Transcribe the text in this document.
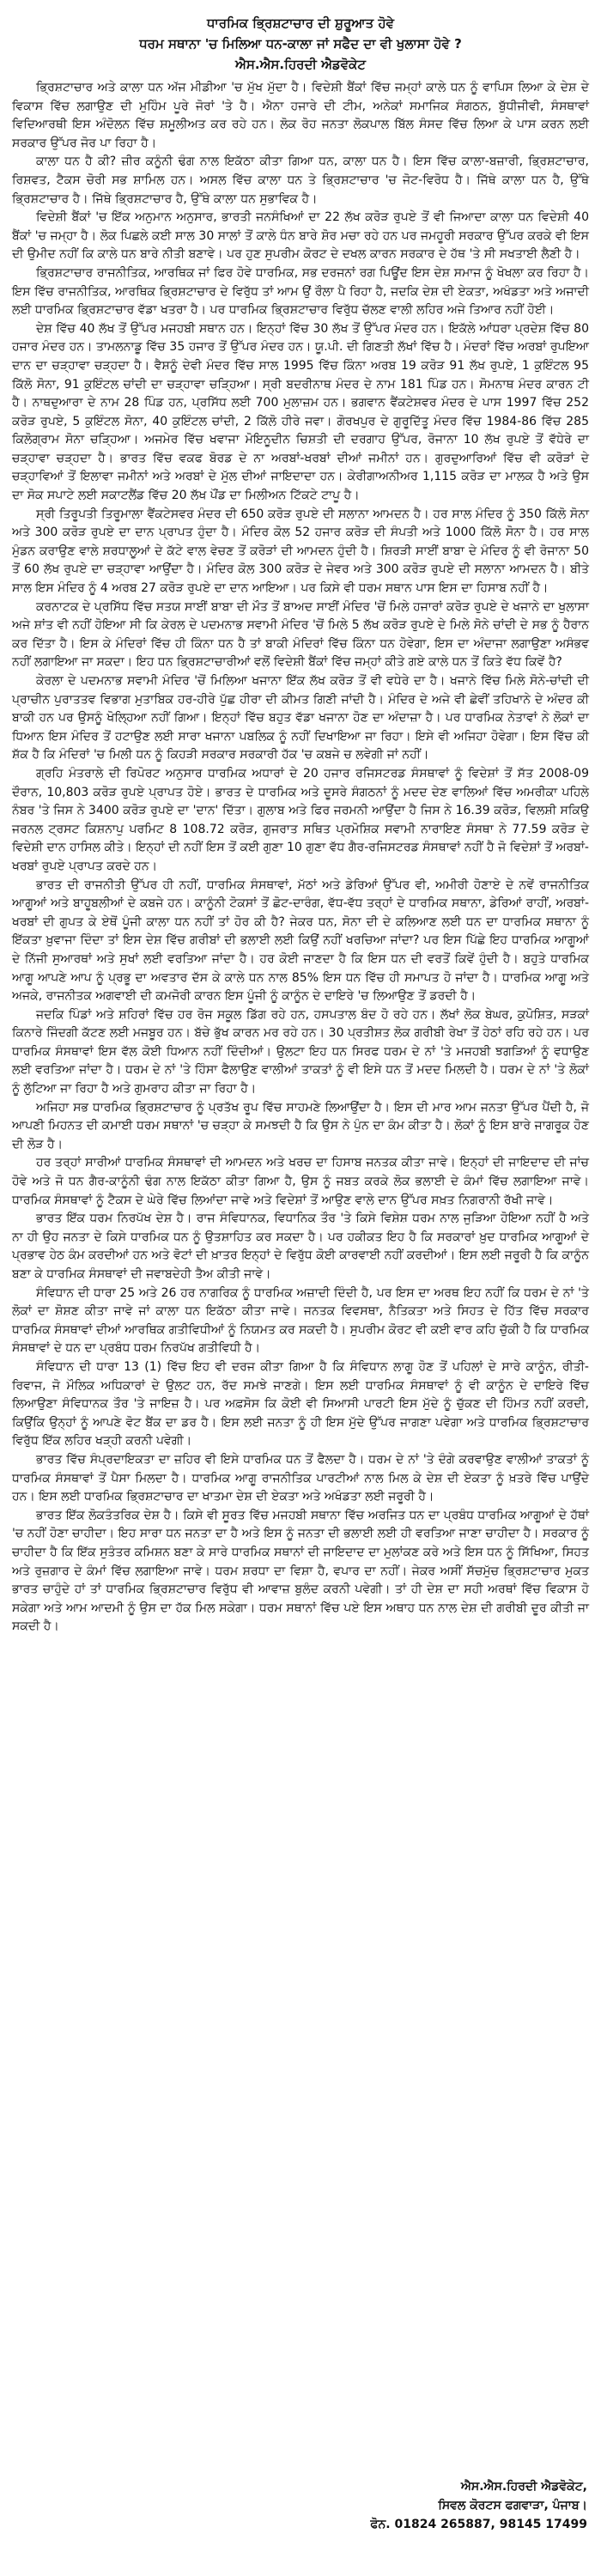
ਧਾਰਮਿਕ ਭ੍ਰਿਸ਼ਟਾਚਾਰ ਦੀ ਸ਼ੁਰੂਆਤ ਹੋਵੇ
ਧਰਮ ਸਥਾਨਾ 'ਚ ਮਿਲਿਆ ਧਨ-ਕਾਲਾ ਜਾਂ ਸਫੈਦ ਦਾ ਵੀ ਖੁਲਾਸਾ ਹੋਵੇ ?
ਐਸ.ਐਸ.ਹਿਰਦੀ ਐਡਵੋਕੇਟ

ਭ੍ਰਿਸ਼ਟਾਚਾਰ ਅਤੇ ਕਾਲਾ ਧਨ ਅੱਜ ਮੀਡੀਆ 'ਚ ਮੁੱਖ ਮੁੱਦਾ ਹੈ। ਵਿਦੇਸ਼ੀ ਬੈਂਕਾਂ ਵਿੱਚ ਜਮ੍ਹਾਂ ਕਾਲੇ ਧਨ ਨੂੰ ਵਾਪਿਸ ਲਿਆ ਕੇ ਦੇਸ਼ ਦੇ ਵਿਕਾਸ ਵਿੱਚ ਲਗਾਉਣ ਦੀ ਮੁਹਿੰਮ ਪੂਰੇ ਜੋਰਾਂ 'ਤੇ ਹੈ। ਐਨਾ ਹਜਾਰੇ ਦੀ ਟੀਮ, ਅਨੇਕਾਂ ਸਮਾਜਿਕ ਸੰਗਠਨ, ਬੁੱਧੀਜੀਵੀ, ਸੰਸਥਾਵਾਂ ਵਿਦਿਆਰਥੀ ਇਸ ਅੰਦੋਲਨ ਵਿੱਚ ਸ਼ਮੂਲੀਅਤ ਕਰ ਰਹੇ ਹਨ। ਲੋਕ ਰੋਹ ਜਨਤਾ ਲੋਕਪਾਲ ਬਿੱਲ ਸੰਸਦ ਵਿੱਚ ਲਿਆ ਕੇ ਪਾਸ ਕਰਨ ਲਈ ਸਰਕਾਰ ਉੱਪਰ ਜੋਰ ਪਾ ਰਿਹਾ ਹੈ।

ਕਾਲਾ ਧਨ ਹੈ ਕੀ? ਜ਼ੀਰ ਕਨੂੰਨੀ ਢੰਗ ਨਾਲ ਇਕੱਠਾ ਕੀਤਾ ਗਿਆ ਧਨ, ਕਾਲਾ ਧਨ ਹੈ। ਇਸ ਵਿੱਚ ਕਾਲਾ-ਬਜ਼ਾਰੀ, ਭ੍ਰਿਸ਼ਟਾਚਾਰ, ਰਿਸ਼ਵਤ, ਟੈਕਸ ਚੋਰੀ ਸਭ ਸ਼ਾਮਿਲ ਹਨ। ਅਸਲ ਵਿੱਚ ਕਾਲਾ ਧਨ ਤੇ ਭ੍ਰਿਸ਼ਟਾਚਾਰ 'ਚ ਜੋਟ-ਵਿਰੋਧ ਹੈ। ਜਿੱਥੇ ਕਾਲਾ ਧਨ ਹੈ, ਉੱਥੇ ਭ੍ਰਿਸ਼ਟਾਚਾਰ ਹੈ। ਜਿੱਥੇ ਭ੍ਰਿਸ਼ਟਾਚਾਰ ਹੈ, ਉੱਥੇ ਕਾਲਾ ਧਨ ਸੁਭਾਵਿਕ ਹੈ।

ਵਿਦੇਸ਼ੀ ਬੈਂਕਾਂ 'ਚ ਇੱਕ ਅਨੁਮਾਨ ਅਨੁਸਾਰ, ਭਾਰਤੀ ਜਨਸੰਖਿਆਂ ਦਾ 22 ਲੱਖ ਕਰੋੜ ਰੁਪਏ ਤੋਂ ਵੀ ਜਿਆਦਾ ਕਾਲਾ ਧਨ ਵਿਦੇਸ਼ੀ 40 ਬੈਂਕਾਂ 'ਚ ਜਮ੍ਹਾ ਹੈ। ਲੋਕ ਪਿਛਲੇ ਕਈ ਸਾਲ 30 ਸਾਲਾਂ ਤੋਂ ਕਾਲੇ ਧੰਨ ਬਾਰੇ ਸ਼ੋਰ ਮਚਾ ਰਹੇ ਹਨ ਪਰ ਜਮਹੂਰੀ ਸਰਕਾਰ ਉੱਪਰ ਕਰਕੇ ਵੀ ਇਸ ਦੀ ਉਮੀਦ ਨਹੀਂ ਕਿ ਕਾਲੇ ਧਨ ਬਾਰੇ ਨੀਤੀ ਬਣਾਵੇ। ਪਰ ਹੁਣ ਸੁਪਰੀਮ ਕੋਰਟ ਦੇ ਦਖਲ ਕਾਰਨ ਸਰਕਾਰ ਦੇ ਹੱਥ 'ਤੇ ਸੀ ਸਖਤਾਈ ਲੈਣੀ ਹੈ।

ਭ੍ਰਿਸ਼ਟਾਚਾਰ ਰਾਜਨੀਤਿਕ, ਆਰਥਿਕ ਜਾਂ ਫਿਰ ਹੋਵੇ ਧਾਰਮਿਕ, ਸਭ ਦਰਜਨਾਂ ਰਗ ਪਿਊਂਦ ਇਸ ਦੇਸ਼ ਸਮਾਜ ਨੂੰ ਖੋਖਲਾ ਕਰ ਰਿਹਾ ਹੈ। ਇਸ ਵਿੱਚ ਰਾਜਨੀਤਿਕ, ਆਰਥਿਕ ਭ੍ਰਿਸ਼ਟਾਚਾਰ ਦੇ ਵਿਰੁੱਧ ਤਾਂ ਆਮ ਉਂ ਰੌਲਾ ਪੈ ਰਿਹਾ ਹੈ, ਜਦਕਿ ਦੇਸ਼ ਦੀ ਏਕਤਾ, ਅਖੰਡਤਾ ਅਤੇ ਅਜਾਦੀ ਲਈ ਧਾਰਮਿਕ ਭ੍ਰਿਸ਼ਟਾਚਾਰ ਵੱਡਾ ਖਤਰਾ ਹੈ। ਪਰ ਧਾਰਮਿਕ ਭ੍ਰਿਸ਼ਟਾਚਾਰ ਵਿਰੁੱਧ ਚੱਲਣ ਵਾਲੀ ਲਹਿਰ ਅਜੇ ਤਿਆਰ ਨਹੀਂ ਹੋਈ।

ਦੇਸ਼ ਵਿੱਚ 40 ਲੱਖ ਤੋਂ ਉੱਪਰ ਮਜਹਬੀ ਸਥਾਨ ਹਨ। ਇਨ੍ਹਾਂ ਵਿੱਚ 30 ਲੱਖ ਤੋਂ ਉੱਪਰ ਮੰਦਰ ਹਨ। ਇਕੱਲੇ ਆਂਧਰਾ ਪ੍ਰਦੇਸ਼ ਵਿੱਚ 80 ਹਜਾਰ ਮੰਦਰ ਹਨ। ਤਾਮਲਨਾਡੂ ਵਿੱਚ 35 ਹਜਾਰ ਤੋਂ ਉੱਪਰ ਮੰਦਰ ਹਨ। ਯੂ.ਪੀ. ਦੀ ਗਿਣਤੀ ਲੱਖਾਂ ਵਿੱਚ ਹੈ। ਮੰਦਰਾਂ ਵਿੱਚ ਅਰਬਾਂ ਰੁਪਇਆ ਦਾਨ ਦਾ ਚੜ੍ਹਾਵਾ ਚੜ੍ਹਦਾ ਹੈ। ਵੈਸ਼ਨੂੰ ਦੇਵੀ ਮੰਦਰ ਵਿੱਚ ਸਾਲ 1995 ਵਿੱਚ ਕਿੰਨਾ ਅਰਬ 19 ਕਰੋੜ 91 ਲੱਖ ਰੁਪਏ, 1 ਕੁਇੰਟਲ 95 ਕਿੱਲੋ ਸੋਨਾ, 91 ਕੁਇੰਟਲ ਚਾਂਦੀ ਦਾ ਚੜ੍ਹਾਵਾ ਚੜ੍ਹਿਆ। ਸ੍ਰੀ ਬਦਰੀਨਾਥ ਮੰਦਰ ਦੇ ਨਾਮ 181 ਪਿੰਡ ਹਨ। ਸੋਮਨਾਥ ਮੰਦਰ ਕਾਰਨ ਟੀ ਹੈ। ਨਾਥਦੁਆਰਾ ਦੇ ਨਾਮ 28 ਪਿੰਡ ਹਨ, ਪ੍ਰਸਿੱਧ ਲਈ 700 ਮੁਲਾਜ਼ਮ ਹਨ। ਭਗਵਾਨ ਵੈਂਕਟੇਸ਼ਵਰ ਮੰਦਰ ਦੇ ਪਾਸ 1997 ਵਿੱਚ 252 ਕਰੋੜ ਰੁਪਏ, 5 ਕੁਇੰਟਲ ਸੋਨਾ, 40 ਕੁਇੰਟਲ ਚਾਂਦੀ, 2 ਕਿੱਲੋ ਹੀਰੇ ਜਵਾ। ਗੋਰਖਪੁਰ ਦੇ ਗੁਰੂਦਿੱਤੂ ਮੰਦਰ ਵਿੱਚ 1984-86 ਵਿੱਚ 285 ਕਿਲੋਗ੍ਰਾਮ ਸੋਨਾ ਚੜ੍ਹਿਆ। ਅਜਮੇਰ ਵਿੱਚ ਖਵਾਜਾ ਮੋਇਨੂਦੀਨ ਚਿਸ਼ਤੀ ਦੀ ਦਰਗਾਹ ਉੱਪਰ, ਰੋਜਾਨਾ 10 ਲੱਖ ਰੁਪਏ ਤੋਂ ਵੱਧੇਰੇ ਦਾ ਚੜ੍ਹਾਵਾ ਚੜ੍ਹਦਾ ਹੈ। ਭਾਰਤ ਵਿੱਚ ਵਕਫ ਬੋਰਡ ਦੇ ਨਾ ਅਰਬਾਂ-ਖਰਬਾਂ ਦੀਆਂ ਜਮੀਨਾਂ ਹਨ। ਗੁਰਦੁਆਰਿਆਂ ਵਿੱਚ ਵੀ ਕਰੋੜਾਂ ਦੇ ਚੜ੍ਹਾਵਿਆਂ ਤੋਂ ਇਲਾਵਾ ਜਮੀਨਾਂ ਅਤੇ ਅਰਬਾਂ ਦੇ ਮੁੱਲ ਦੀਆਂ ਜਾਇਦਾਦਾ ਹਨ। ਕੇਰੀਗਾਅਨੀਅਰ 1,115 ਕਰੋੜ ਦਾ ਮਾਲਕ ਹੈ ਅਤੇ ਉਸ ਦਾ ਸੋਕ ਸਪਾਟੇ ਲਈ ਸਕਾਟਲੈਂਡ ਵਿੱਚ 20 ਲੱਖ ਪੌਂਡ ਦਾ ਮਿਲੀਅਨ ਟਿੱਕਟੇ ਟਾਪੂ ਹੈ।

ਸ੍ਰੀ ਤਿਰੂਪਤੀ ਤਿਰੂਮਾਲਾ ਵੈਂਕਟੇਸਵਰ ਮੰਦਰ ਦੀ 650 ਕਰੋੜ ਰੁਪਏ ਦੀ ਸਲਾਨਾ ਆਮਦਨ ਹੈ। ਹਰ ਸਾਲ ਮੰਦਿਰ ਨੂੰ 350 ਕਿੱਲੋ ਸੋਨਾ ਅਤੇ 300 ਕਰੋੜ ਰੁਪਏ ਦਾ ਦਾਨ ਪ੍ਰਾਪਤ ਹੁੰਦਾ ਹੈ। ਮੰਦਿਰ ਕੋਲ 52 ਹਜਾਰ ਕਰੋੜ ਦੀ ਸੰਪਤੀ ਅਤੇ 1000 ਕਿੱਲੋ ਸੋਨਾ ਹੈ। ਹਰ ਸਾਲ ਮੁੰਡਨ ਕਰਾਉਣ ਵਾਲੇ ਸ਼ਰਧਾਲੂਆਂ ਦੇ ਕੱਟੇ ਵਾਲ ਵੇਚਣ ਤੋਂ ਕਰੋੜਾਂ ਦੀ ਆਮਦਨ ਹੁੰਦੀ ਹੈ। ਸ਼ਿਰੜੀ ਸਾਈਂ ਬਾਬਾ ਦੇ ਮੰਦਿਰ ਨੂੰ ਵੀ ਰੋਜਾਨਾ 50 ਤੋਂ 60 ਲੱਖ ਰੁਪਏ ਦਾ ਚੜ੍ਹਾਵਾ ਆਉਂਦਾ ਹੈ। ਮੰਦਿਰ ਕੋਲ 300 ਕਰੋੜ ਦੇ ਜੇਵਰ ਅਤੇ 300 ਕਰੋੜ ਰੁਪਏ ਦੀ ਸਲਾਨਾ ਆਮਦਨ ਹੈ। ਬੀਤੇ ਸਾਲ ਇਸ ਮੰਦਿਰ ਨੂੰ 4 ਅਰਬ 27 ਕਰੋੜ ਰੁਪਏ ਦਾ ਦਾਨ ਆਇਆ। ਪਰ ਕਿਸੇ ਵੀ ਧਰਮ ਸਥਾਨ ਪਾਸ ਇਸ ਦਾ ਹਿਸਾਬ ਨਹੀਂ ਹੈ।

ਕਰਨਾਟਕ ਦੇ ਪ੍ਰਸਿੱਧ ਵਿੱਚ ਸਤਯ ਸਾਈਂ ਬਾਬਾ ਦੀ ਮੌਤ ਤੋਂ ਬਾਅਦ ਸਾਈਂ ਮੰਦਿਰ 'ਚੋਂ ਮਿਲੇ ਹਜਾਰਾਂ ਕਰੋੜ ਰੁਪਏ ਦੇ ਖਜਾਨੇ ਦਾ ਖੁਲਾਸਾ ਅਜੇ ਸ਼ਾਂਤ ਵੀ ਨਹੀਂ ਹੋਇਆ ਸੀ ਕਿ ਕੇਰਲ ਦੇ ਪਦਮਨਾਭ ਸਵਾਮੀ ਮੰਦਿਰ 'ਚੋਂ ਮਿਲੇ 5 ਲੱਖ ਕਰੋੜ ਰੁਪਏ ਦੇ ਮਿਲੇ ਸੋਨੇ ਚਾਂਦੀ ਦੇ ਸਭ ਨੂੰ ਹੈਰਾਨ ਕਰ ਦਿੱਤਾ ਹੈ। ਇਸ ਕੇ ਮੰਦਿਰਾਂ ਵਿੱਚ ਹੀ ਕਿੰਨਾ ਧਨ ਹੈ ਤਾਂ ਬਾਕੀ ਮੰਦਿਰਾਂ ਵਿੱਚ ਕਿੰਨਾ ਧਨ ਹੋਵੇਗਾ, ਇਸ ਦਾ ਅੰਦਾਜਾ ਲਗਾਉਣਾ ਅਸੰਭਵ ਨਹੀਂ ਲਗਾਇਆ ਜਾ ਸਕਦਾ। ਇਹ ਧਨ ਭ੍ਰਿਸ਼ਟਾਚਾਰੀਆਂ ਵਲੋਂ ਵਿਦੇਸ਼ੀ ਬੈਂਕਾਂ ਵਿੱਚ ਜਮ੍ਹਾਂ ਕੀਤੇ ਗਏ ਕਾਲੇ ਧਨ ਤੋਂ ਕਿਤੇ ਵੱਧ ਕਿਵੇਂ ਹੈ?

ਕੇਰਲਾ ਦੇ ਪਦਮਨਾਭ ਸਵਾਮੀ ਮੰਦਿਰ 'ਚੋਂ ਮਿਲਿਆ ਖਜਾਨਾ ਇੱਕ ਲੱਖ ਕਰੋੜ ਤੋਂ ਵੀ ਵਧੇਰੇ ਦਾ ਹੈ। ਖਜਾਨੇ ਵਿੱਚ ਮਿਲੇ ਸੋਨੇ-ਚਾਂਦੀ ਦੀ ਪ੍ਰਾਚੀਨ ਪੁਰਾਤਤਵ ਵਿਭਾਗ ਮੁਤਾਬਿਕ ਹਰ-ਹੀਰੇ ਪੁੱਛ ਹੀਰਾ ਦੀ ਕੀਮਤ ਗਿਣੀ ਜਾਂਦੀ ਹੈ। ਮੰਦਿਰ ਦੇ ਅਜੇ ਵੀ ਛੇਵੀਂ ਤਹਿਖਾਨੇ ਦੇ ਅੰਦਰ ਕੀ ਬਾਕੀ ਹਨ ਪਰ ਉਸਨੂੰ ਖੋਲ੍ਹਿਆ ਨਹੀਂ ਗਿਆ। ਇਨ੍ਹਾਂ ਵਿੱਚ ਬਹੁਤ ਵੱਡਾ ਖਜਾਨਾ ਹੋਣ ਦਾ ਅੰਦਾਜ਼ਾ ਹੈ। ਪਰ ਧਾਰਮਿਕ ਨੇਤਾਵਾਂ ਨੇ ਲੋਕਾਂ ਦਾ ਧਿਆਨ ਇਸ ਮੰਦਿਰ ਤੋਂ ਹਟਾਉਣ ਲਈ ਸਾਰਾ ਖਜਾਨਾ ਪਬਲਿਕ ਨੂੰ ਨਹੀਂ ਦਿਖਾਇਆ ਜਾ ਰਿਹਾ। ਇਸੇ ਵੀ ਅਜਿਹਾ ਹੋਵੇਗਾ। ਇਸ ਵਿੱਚ ਕੀ ਸ਼ੱਕ ਹੈ ਕਿ ਮੰਦਿਰਾਂ 'ਚ ਮਿਲੀ ਧਨ ਨੂੰ ਕਿਹੜੀ ਸਰਕਾਰ ਸਰਕਾਰੀ ਹੱਕ 'ਚ ਕਬਜੇ ਚ ਲਵੇਗੀ ਜਾਂ ਨਹੀਂ।

ਗ੍ਰਹਿ ਮੰਤਰਾਲੇ ਦੀ ਰਿਪੋਰਟ ਅਨੁਸਾਰ ਧਾਰਮਿਕ ਅਧਾਰਾਂ ਦੇ 20 ਹਜਾਰ ਰਜਿਸਟਰਡ ਸੰਸਥਾਵਾਂ ਨੂੰ ਵਿਦੇਸ਼ਾਂ ਤੋਂ ਸੱਤ 2008-09 ਦੌਰਾਨ, 10,803 ਕਰੋੜ ਰੁਪਏ ਪ੍ਰਾਪਤ ਹੋਏ। ਭਾਰਤ ਦੇ ਧਾਰਮਿਕ ਅਤੇ ਦੂਸਰੇ ਸੰਗਠਨਾਂ ਨੂੰ ਮਦਦ ਦੇਣ ਵਾਲਿਆਂ ਵਿੱਚ ਅਮਰੀਕਾ ਪਹਿਲੇ ਨੰਬਰ 'ਤੇ ਜਿਸ ਨੇ 3400 ਕਰੋੜ ਰੁਪਏ ਦਾ 'ਦਾਨ' ਦਿੱਤਾ। ਗੁਲਾਬ ਅਤੇ ਫਿਰ ਜਰਮਨੀ ਆਉਂਦਾ ਹੈ ਜਿਸ ਨੇ 16.39 ਕਰੋੜ, ਵਿਲਸ਼ੀ ਸਕਿਉ ਜਰਨਲ ਟ੍ਰਸਟ ਕਿਸ਼ਨਾਪੁ ਪਰਮਿਟ 8 108.72 ਕਰੋੜ, ਗੁਜਰਾਤ ਸਥਿਤ ਪ੍ਰਮੋਸ਼ਿਕ ਸਵਾਮੀ ਨਾਰਾਇਣ ਸੰਸਥਾ ਨੇ 77.59 ਕਰੋੜ ਦੇ ਵਿਦੇਸ਼ੀ ਦਾਨ ਹਾਸਿਲ ਕੀਤੇ। ਇਨ੍ਹਾਂ ਦੀ ਨਹੀਂ ਇਸ ਤੋਂ ਕਈ ਗੁਣਾ 10 ਗੁਣਾ ਵੱਧ ਗੈਰ-ਰਜਿਸਟਰਡ ਸੰਸਥਾਵਾਂ ਨਹੀਂ ਹੈ ਜੋ ਵਿਦੇਸ਼ਾਂ ਤੋਂ ਅਰਬਾਂ-ਖਰਬਾਂ ਰੁਪਏ ਪ੍ਰਾਪਤ ਕਰਦੇ ਹਨ।

ਭਾਰਤ ਦੀ ਰਾਜਨੀਤੀ ਉੱਪਰ ਹੀ ਨਹੀਂ, ਧਾਰਮਿਕ ਸੰਸਥਾਵਾਂ, ਮੱਠਾਂ ਅਤੇ ਡੇਰਿਆਂ ਉੱਪਰ ਵੀ, ਅਮੀਰੀ ਹੋਣਾਏ ਦੇ ਨਵੇਂ ਰਾਜਨੀਤਿਕ ਆਗੂਆਂ ਅਤੇ ਬਾਹੂਬਲੀਆਂ ਦੇ ਕਬਜੇ ਹਨ। ਕਾਨੂੰਨੀ ਟੋਕਸਾਂ ਤੋਂ ਛੋਟ-ਦਾਰੰਗ, ਵੱਧ-ਵੱਧ ਤਰ੍ਹਾਂ ਦੇ ਧਾਰਮਿਕ ਸਥਾਨਾ, ਡੇਰਿਆਂ ਰਾਹੀਂ, ਅਰਬਾਂ-ਖਰਬਾਂ ਦੀ ਗੁਪਤ ਕੇ ਏਥੋਂ ਪੂੰਜੀ ਕਾਲਾ ਧਨ ਨਹੀਂ ਤਾਂ ਹੋਰ ਕੀ ਹੈ? ਜੇਕਰ ਧਨ, ਸੋਨਾ ਦੀ ਦੇ ਕਲਿਆਣ ਲਈ ਧਨ ਦਾ ਧਾਰਮਿਕ ਸਥਾਨਾ ਨੂੰ ਇੱਕਤਾ ਖ਼ੁਵਾਜਾ ਦਿੰਦਾ ਤਾਂ ਇਸ ਦੇਸ਼ ਵਿੱਚ ਗਰੀਬਾਂ ਦੀ ਭਲਾਈ ਲਈ ਕਿਉਂ ਨਹੀਂ ਖਰਚਿਆ ਜਾਂਦਾ? ਪਰ ਇਸ ਪਿੱਛੇ ਇਹ ਧਾਰਮਿਕ ਆਗੂਆਂ ਦੇ ਨਿੱਜੀ ਸੁਆਰਥਾਂ ਅਤੇ ਸੁਖਾਂ ਲਈ ਵਰਤਿਆ ਜਾਂਦਾ ਹੈ। ਹਰ ਕੋਈ ਜਾਣਦਾ ਹੈ ਕਿ ਇਸ ਧਨ ਦੀ ਵਰਤੋਂ ਕਿਵੇਂ ਹੁੰਦੀ ਹੈ। ਬਹੁਤੇ ਧਾਰਮਿਕ ਆਗੂ ਆਪਣੇ ਆਪ ਨੂੰ ਪ੍ਰਭੂ ਦਾ ਅਵਤਾਰ ਦੱਸ ਕੇ ਕਾਲੇ ਧਨ ਨਾਲ 85% ਇਸ ਧਨ ਵਿੱਚ ਹੀ ਸਮਾਪਤ ਹੋ ਜਾਂਦਾ ਹੈ। ਧਾਰਮਿਕ ਆਗੂ ਅਤੇ ਅਜਕੇ, ਰਾਜਨੀਤਕ ਅਗਵਾਈ ਦੀ ਕਮਜੋਰੀ ਕਾਰਨ ਇਸ ਪੂੰਜੀ ਨੂੰ ਕਾਨੂੰਨ ਦੇ ਦਾਇਰੇ 'ਚ ਲਿਆਉਣ ਤੋਂ ਡਰਦੀ ਹੈ।

ਜਦਕਿ ਪਿੰਡਾਂ ਅਤੇ ਸ਼ਹਿਰਾਂ ਵਿੱਚ ਹਰ ਰੋਜ ਸਕੂਲ ਡਿੱਗ ਰਹੇ ਹਨ, ਹਸਪਤਾਲ ਬੰਦ ਹੋ ਰਹੇ ਹਨ। ਲੱਖਾਂ ਲੋਕ ਬੇਘਰ, ਕੁਪੋਸ਼ਿਤ, ਸੜਕਾਂ ਕਿਨਾਰੇ ਜਿੰਦਗੀ ਕੱਟਣ ਲਈ ਮਜਬੂਰ ਹਨ। ਬੱਚੇ ਭੁੱਖ ਕਾਰਨ ਮਰ ਰਹੇ ਹਨ। 30 ਪ੍ਰਤੀਸ਼ਤ ਲੋਕ ਗਰੀਬੀ ਰੇਖਾ ਤੋਂ ਹੇਠਾਂ ਰਹਿ ਰਹੇ ਹਨ। ਪਰ ਧਾਰਮਿਕ ਸੰਸਥਾਵਾਂ ਇਸ ਵੱਲ ਕੋਈ ਧਿਆਨ ਨਹੀਂ ਦਿੰਦੀਆਂ। ਉਲਟਾ ਇਹ ਧਨ ਸਿਰਫ ਧਰਮ ਦੇ ਨਾਂ 'ਤੇ ਮਜਹਬੀ ਝਗੜਿਆਂ ਨੂੰ ਵਧਾਉਣ ਲਈ ਵਰਤਿਆ ਜਾਂਦਾ ਹੈ। ਧਰਮ ਦੇ ਨਾਂ 'ਤੇ ਹਿੰਸਾ ਫੈਲਾਉਣ ਵਾਲੀਆਂ ਤਾਕਤਾਂ ਨੂੰ ਵੀ ਇਸੇ ਧਨ ਤੋਂ ਮਦਦ ਮਿਲਦੀ ਹੈ। ਧਰਮ ਦੇ ਨਾਂ 'ਤੇ ਲੋਕਾਂ ਨੂੰ ਲੁੱਟਿਆ ਜਾ ਰਿਹਾ ਹੈ ਅਤੇ ਗੁਮਰਾਹ ਕੀਤਾ ਜਾ ਰਿਹਾ ਹੈ।

ਅਜਿਹਾ ਸਭ ਧਾਰਮਿਕ ਭ੍ਰਿਸ਼ਟਾਚਾਰ ਨੂੰ ਪ੍ਰਤੱਖ ਰੂਪ ਵਿੱਚ ਸਾਹਮਣੇ ਲਿਆਉਂਦਾ ਹੈ। ਇਸ ਦੀ ਮਾਰ ਆਮ ਜਨਤਾ ਉੱਪਰ ਪੈਂਦੀ ਹੈ, ਜੋ ਆਪਣੀ ਮਿਹਨਤ ਦੀ ਕਮਾਈ ਧਰਮ ਸਥਾਨਾਂ 'ਚ ਚੜ੍ਹਾ ਕੇ ਸਮਝਦੀ ਹੈ ਕਿ ਉਸ ਨੇ ਪੁੰਨ ਦਾ ਕੰਮ ਕੀਤਾ ਹੈ। ਲੋਕਾਂ ਨੂੰ ਇਸ ਬਾਰੇ ਜਾਗਰੂਕ ਹੋਣ ਦੀ ਲੋੜ ਹੈ।

ਹਰ ਤਰ੍ਹਾਂ ਸਾਰੀਆਂ ਧਾਰਮਿਕ ਸੰਸਥਾਵਾਂ ਦੀ ਆਮਦਨ ਅਤੇ ਖਰਚ ਦਾ ਹਿਸਾਬ ਜਨਤਕ ਕੀਤਾ ਜਾਵੇ। ਇਨ੍ਹਾਂ ਦੀ ਜਾਇਦਾਦ ਦੀ ਜਾਂਚ ਹੋਵੇ ਅਤੇ ਜੋ ਧਨ ਗੈਰ-ਕਾਨੂੰਨੀ ਢੰਗ ਨਾਲ ਇਕੱਠਾ ਕੀਤਾ ਗਿਆ ਹੈ, ਉਸ ਨੂੰ ਜਬਤ ਕਰਕੇ ਲੋਕ ਭਲਾਈ ਦੇ ਕੰਮਾਂ ਵਿੱਚ ਲਗਾਇਆ ਜਾਵੇ। ਧਾਰਮਿਕ ਸੰਸਥਾਵਾਂ ਨੂੰ ਟੈਕਸ ਦੇ ਘੇਰੇ ਵਿੱਚ ਲਿਆਂਦਾ ਜਾਵੇ ਅਤੇ ਵਿਦੇਸ਼ਾਂ ਤੋਂ ਆਉਣ ਵਾਲੇ ਦਾਨ ਉੱਪਰ ਸਖ਼ਤ ਨਿਗਰਾਨੀ ਰੱਖੀ ਜਾਵੇ।

ਭਾਰਤ ਇੱਕ ਧਰਮ ਨਿਰਪੱਖ ਦੇਸ਼ ਹੈ। ਰਾਜ ਸੰਵਿਧਾਨਕ, ਵਿਧਾਨਿਕ ਤੌਰ 'ਤੇ ਕਿਸੇ ਵਿਸ਼ੇਸ਼ ਧਰਮ ਨਾਲ ਜੁੜਿਆ ਹੋਇਆ ਨਹੀਂ ਹੈ ਅਤੇ ਨਾ ਹੀ ਉਹ ਜਨਤਾ ਦੇ ਕਿਸੇ ਧਾਰਮਿਕ ਧਨ ਨੂੰ ਉਤਸ਼ਾਹਿਤ ਕਰ ਸਕਦਾ ਹੈ। ਪਰ ਹਕੀਕਤ ਇਹ ਹੈ ਕਿ ਸਰਕਾਰਾਂ ਖ਼ੁਦ ਧਾਰਮਿਕ ਆਗੂਆਂ ਦੇ ਪ੍ਰਭਾਵ ਹੇਠ ਕੰਮ ਕਰਦੀਆਂ ਹਨ ਅਤੇ ਵੋਟਾਂ ਦੀ ਖ਼ਾਤਰ ਇਨ੍ਹਾਂ ਦੇ ਵਿਰੁੱਧ ਕੋਈ ਕਾਰਵਾਈ ਨਹੀਂ ਕਰਦੀਆਂ। ਇਸ ਲਈ ਜਰੂਰੀ ਹੈ ਕਿ ਕਾਨੂੰਨ ਬਣਾ ਕੇ ਧਾਰਮਿਕ ਸੰਸਥਾਵਾਂ ਦੀ ਜਵਾਬਦੇਹੀ ਤੈਅ ਕੀਤੀ ਜਾਵੇ।

ਸੰਵਿਧਾਨ ਦੀ ਧਾਰਾ 25 ਅਤੇ 26 ਹਰ ਨਾਗਰਿਕ ਨੂੰ ਧਾਰਮਿਕ ਅਜ਼ਾਦੀ ਦਿੰਦੀ ਹੈ, ਪਰ ਇਸ ਦਾ ਅਰਥ ਇਹ ਨਹੀਂ ਕਿ ਧਰਮ ਦੇ ਨਾਂ 'ਤੇ ਲੋਕਾਂ ਦਾ ਸ਼ੋਸ਼ਣ ਕੀਤਾ ਜਾਵੇ ਜਾਂ ਕਾਲਾ ਧਨ ਇਕੱਠਾ ਕੀਤਾ ਜਾਵੇ। ਜਨਤਕ ਵਿਵਸਥਾ, ਨੈਤਿਕਤਾ ਅਤੇ ਸਿਹਤ ਦੇ ਹਿੱਤ ਵਿੱਚ ਸਰਕਾਰ ਧਾਰਮਿਕ ਸੰਸਥਾਵਾਂ ਦੀਆਂ ਆਰਥਿਕ ਗਤੀਵਿਧੀਆਂ ਨੂੰ ਨਿਯਮਤ ਕਰ ਸਕਦੀ ਹੈ। ਸੁਪਰੀਮ ਕੋਰਟ ਵੀ ਕਈ ਵਾਰ ਕਹਿ ਚੁੱਕੀ ਹੈ ਕਿ ਧਾਰਮਿਕ ਸੰਸਥਾਵਾਂ ਦੇ ਧਨ ਦਾ ਪ੍ਰਬੰਧ ਧਰਮ ਨਿਰਪੱਖ ਗਤੀਵਿਧੀ ਹੈ।

ਸੰਵਿਧਾਨ ਦੀ ਧਾਰਾ 13 (1) ਵਿੱਚ ਇਹ ਵੀ ਦਰਜ ਕੀਤਾ ਗਿਆ ਹੈ ਕਿ ਸੰਵਿਧਾਨ ਲਾਗੂ ਹੋਣ ਤੋਂ ਪਹਿਲਾਂ ਦੇ ਸਾਰੇ ਕਾਨੂੰਨ, ਰੀਤੀ-ਰਿਵਾਜ, ਜੋ ਮੌਲਿਕ ਅਧਿਕਾਰਾਂ ਦੇ ਉਲਟ ਹਨ, ਰੱਦ ਸਮਝੇ ਜਾਣਗੇ। ਇਸ ਲਈ ਧਾਰਮਿਕ ਸੰਸਥਾਵਾਂ ਨੂੰ ਵੀ ਕਾਨੂੰਨ ਦੇ ਦਾਇਰੇ ਵਿੱਚ ਲਿਆਉਣਾ ਸੰਵਿਧਾਨਕ ਤੌਰ 'ਤੇ ਜਾਇਜ਼ ਹੈ। ਪਰ ਅਫ਼ਸੋਸ ਕਿ ਕੋਈ ਵੀ ਸਿਆਸੀ ਪਾਰਟੀ ਇਸ ਮੁੱਦੇ ਨੂੰ ਚੁੱਕਣ ਦੀ ਹਿੰਮਤ ਨਹੀਂ ਕਰਦੀ, ਕਿਉਂਕਿ ਉਨ੍ਹਾਂ ਨੂੰ ਆਪਣੇ ਵੋਟ ਬੈਂਕ ਦਾ ਡਰ ਹੈ। ਇਸ ਲਈ ਜਨਤਾ ਨੂੰ ਹੀ ਇਸ ਮੁੱਦੇ ਉੱਪਰ ਜਾਗਣਾ ਪਵੇਗਾ ਅਤੇ ਧਾਰਮਿਕ ਭ੍ਰਿਸ਼ਟਾਚਾਰ ਵਿਰੁੱਧ ਇੱਕ ਲਹਿਰ ਖੜ੍ਹੀ ਕਰਨੀ ਪਵੇਗੀ।

ਭਾਰਤ ਵਿੱਚ ਸੰਪ੍ਰਦਾਇਕਤਾ ਦਾ ਜ਼ਹਿਰ ਵੀ ਇਸੇ ਧਾਰਮਿਕ ਧਨ ਤੋਂ ਫੈਲਦਾ ਹੈ। ਧਰਮ ਦੇ ਨਾਂ 'ਤੇ ਦੰਗੇ ਕਰਵਾਉਣ ਵਾਲੀਆਂ ਤਾਕਤਾਂ ਨੂੰ ਧਾਰਮਿਕ ਸੰਸਥਾਵਾਂ ਤੋਂ ਪੈਸਾ ਮਿਲਦਾ ਹੈ। ਧਾਰਮਿਕ ਆਗੂ ਰਾਜਨੀਤਿਕ ਪਾਰਟੀਆਂ ਨਾਲ ਮਿਲ ਕੇ ਦੇਸ਼ ਦੀ ਏਕਤਾ ਨੂੰ ਖ਼ਤਰੇ ਵਿੱਚ ਪਾਉਂਦੇ ਹਨ। ਇਸ ਲਈ ਧਾਰਮਿਕ ਭ੍ਰਿਸ਼ਟਾਚਾਰ ਦਾ ਖਾਤਮਾ ਦੇਸ਼ ਦੀ ਏਕਤਾ ਅਤੇ ਅਖੰਡਤਾ ਲਈ ਜਰੂਰੀ ਹੈ।

ਭਾਰਤ ਇੱਕ ਲੋਕਤੰਤਰਿਕ ਦੇਸ਼ ਹੈ। ਕਿਸੇ ਵੀ ਸੂਰਤ ਵਿੱਚ ਮਜਹਬੀ ਸਥਾਨਾ ਵਿੱਚ ਅਰਜਿਤ ਧਨ ਦਾ ਪ੍ਰਬੰਧ ਧਾਰਮਿਕ ਆਗੂਆਂ ਦੇ ਹੱਥਾਂ 'ਚ ਨਹੀਂ ਹੋਣਾ ਚਾਹੀਦਾ। ਇਹ ਸਾਰਾ ਧਨ ਜਨਤਾ ਦਾ ਹੈ ਅਤੇ ਇਸ ਨੂੰ ਜਨਤਾ ਦੀ ਭਲਾਈ ਲਈ ਹੀ ਵਰਤਿਆ ਜਾਣਾ ਚਾਹੀਦਾ ਹੈ। ਸਰਕਾਰ ਨੂੰ ਚਾਹੀਦਾ ਹੈ ਕਿ ਇੱਕ ਸੁਤੰਤਰ ਕਮਿਸ਼ਨ ਬਣਾ ਕੇ ਸਾਰੇ ਧਾਰਮਿਕ ਸਥਾਨਾਂ ਦੀ ਜਾਇਦਾਦ ਦਾ ਮੁਲਾਂਕਣ ਕਰੇ ਅਤੇ ਇਸ ਧਨ ਨੂੰ ਸਿੱਖਿਆ, ਸਿਹਤ ਅਤੇ ਰੁਜ਼ਗਾਰ ਦੇ ਕੰਮਾਂ ਵਿੱਚ ਲਗਾਇਆ ਜਾਵੇ। ਧਰਮ ਸ਼ਰਧਾ ਦਾ ਵਿਸ਼ਾ ਹੈ, ਵਪਾਰ ਦਾ ਨਹੀਂ। ਜੇਕਰ ਅਸੀਂ ਸੱਚਮੁੱਚ ਭ੍ਰਿਸ਼ਟਾਚਾਰ ਮੁਕਤ ਭਾਰਤ ਚਾਹੁੰਦੇ ਹਾਂ ਤਾਂ ਧਾਰਮਿਕ ਭ੍ਰਿਸ਼ਟਾਚਾਰ ਵਿਰੁੱਧ ਵੀ ਆਵਾਜ਼ ਬੁਲੰਦ ਕਰਨੀ ਪਵੇਗੀ। ਤਾਂ ਹੀ ਦੇਸ਼ ਦਾ ਸਹੀ ਅਰਥਾਂ ਵਿੱਚ ਵਿਕਾਸ ਹੋ ਸਕੇਗਾ ਅਤੇ ਆਮ ਆਦਮੀ ਨੂੰ ਉਸ ਦਾ ਹੱਕ ਮਿਲ ਸਕੇਗਾ। ਧਰਮ ਸਥਾਨਾਂ ਵਿੱਚ ਪਏ ਇਸ ਅਥਾਹ ਧਨ ਨਾਲ ਦੇਸ਼ ਦੀ ਗਰੀਬੀ ਦੂਰ ਕੀਤੀ ਜਾ ਸਕਦੀ ਹੈ।

ਐਸ.ਐਸ.ਹਿਰਦੀ ਐਡਵੋਕੇਟ,
ਸਿਵਲ ਕੋਰਟਸ ਫਗਵਾੜਾ, ਪੰਜਾਬ।
ਫੋਨ. 01824 265887, 98145 17499
